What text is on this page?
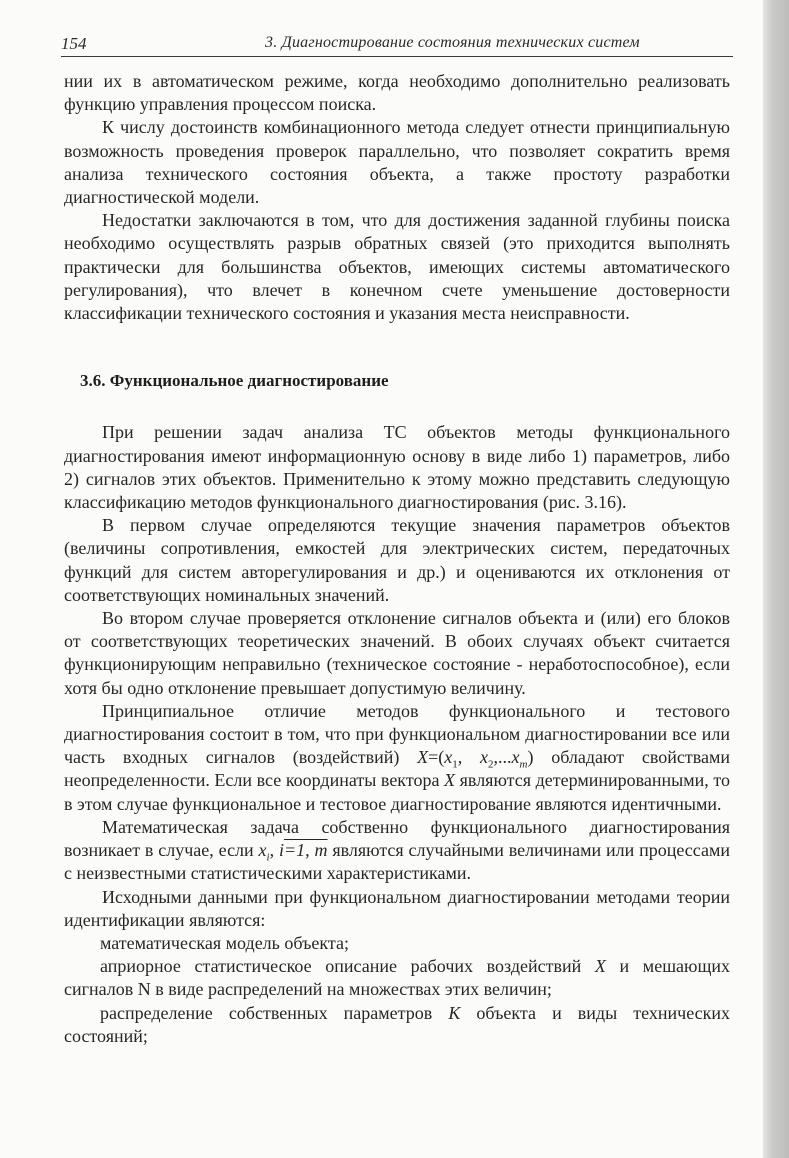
154	3. Диагностирование состояния технических систем

нии их в автоматическом режиме, когда необходимо дополнительно реализовать функцию управления процессом поиска.

К числу достоинств комбинационного метода следует отнести принципиальную возможность проведения проверок параллельно, что позволяет сократить время анализа технического состояния объекта, а также простоту разработки диагностической модели.

Недостатки заключаются в том, что для достижения заданной глубины поиска необходимо осуществлять разрыв обратных связей (это приходится выполнять практически для большинства объектов, имеющих системы автоматического регулирования), что влечет в конечном счете уменьшение достоверности классификации технического состояния и указания места неисправности.

3.6. Функциональное диагностирование

При решении задач анализа ТС объектов методы функционального диагностирования имеют информационную основу в виде либо 1) параметров, либо 2) сигналов этих объектов. Применительно к этому можно представить следующую классификацию методов функционального диагностирования (рис. 3.16).

В первом случае определяются текущие значения параметров объектов (величины сопротивления, емкостей для электрических систем, передаточных функций для систем авторегулирования и др.) и оцениваются их отклонения от соответствующих номинальных значений.

Во втором случае проверяется отклонение сигналов объекта и (или) его блоков от соответствующих теоретических значений. В обоих случаях объект считается функционирующим неправильно (техническое состояние - неработоспособное), если хотя бы одно отклонение превышает допустимую величину.

Принципиальное отличие методов функционального и тестового диагностирования состоит в том, что при функциональном диагностировании все или часть входных сигналов (воздействий) $X=(x_1$, $x_2,...x_m$) обладают свойствами неопределенности. Если все координаты вектора X являются детерминированными, то в этом случае функциональное и тестовое диагностирование являются идентичными.

Математическая задача собственно функционального диагностирования возникает в случае, если $x_i$, i=1, m являются случайными величинами или процессами с неизвестными статистическими характеристиками.

Исходными данными при функциональном диагностировании методами теории идентификации являются:

математическая модель объекта;

априорное статистическое описание рабочих воздействий X и мешающих сигналов N в виде распределений на множествах этих величин;

распределение собственных параметров K объекта и виды технических состояний;
